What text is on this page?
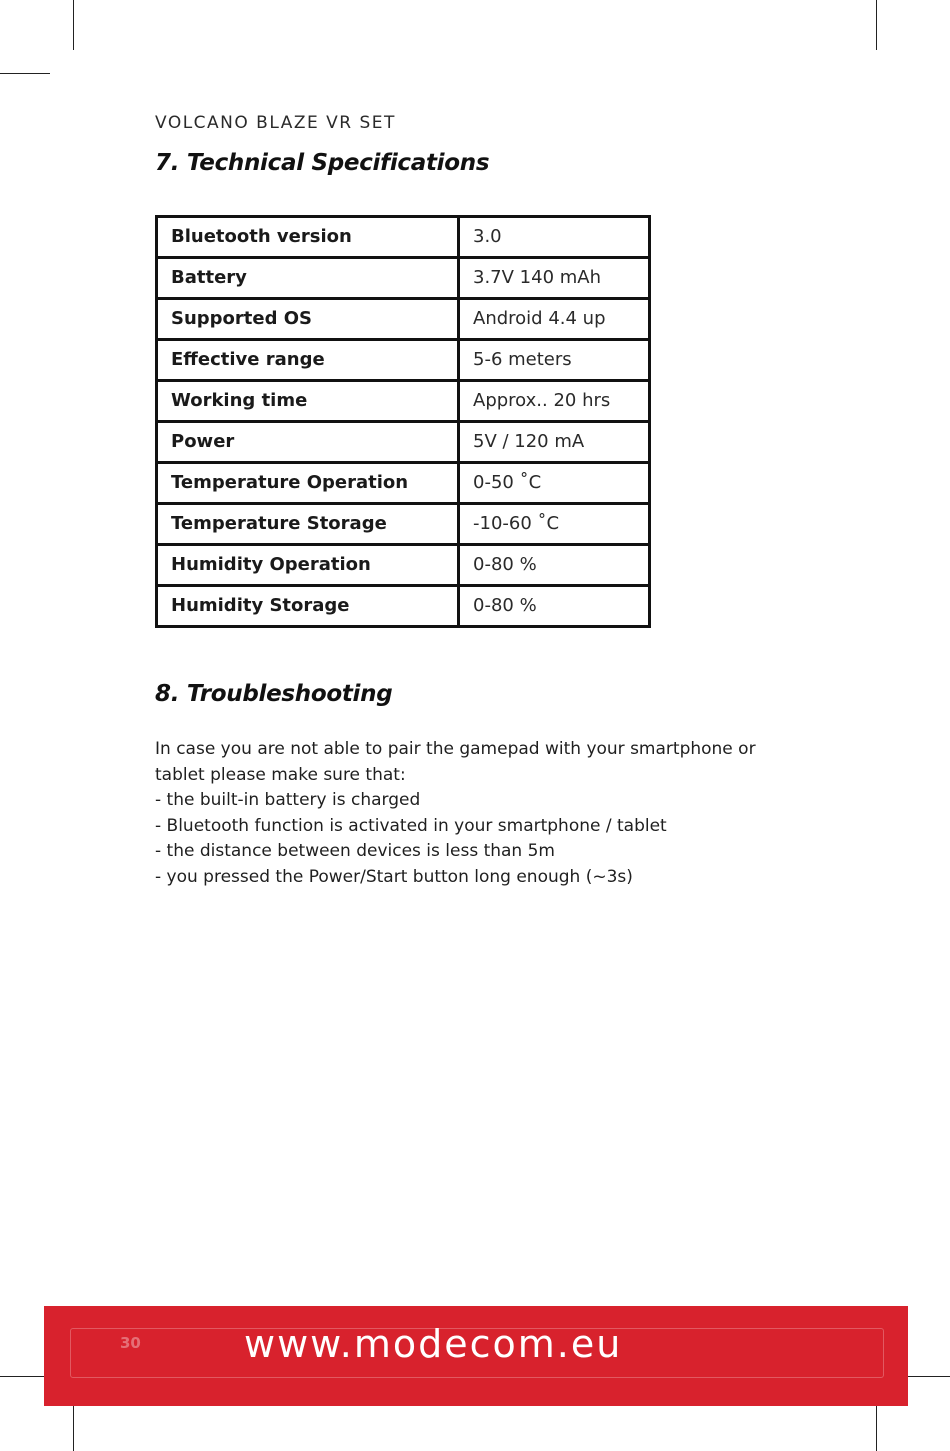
VOLCANO BLAZE VR SET
7. Technical Specifications
Bluetooth version	3.0
Battery	3.7V 140 mAh
Supported OS	Android 4.4 up
Effective range	5-6 meters
Working time	Approx.. 20 hrs
Power	5V / 120 mA
Temperature Operation	0-50 ˚C
Temperature Storage	-10-60 ˚C
Humidity Operation	0-80 %
Humidity Storage	0-80 %
8. Troubleshooting

In case you are not able to pair the gamepad with your smartphone or

tablet please make sure that:

- the built-in battery is charged

- Bluetooth function is activated in your smartphone / tablet

- the distance between devices is less than 5m

- you pressed the Power/Start button long enough (~3s)

30	www.modecom.eu
